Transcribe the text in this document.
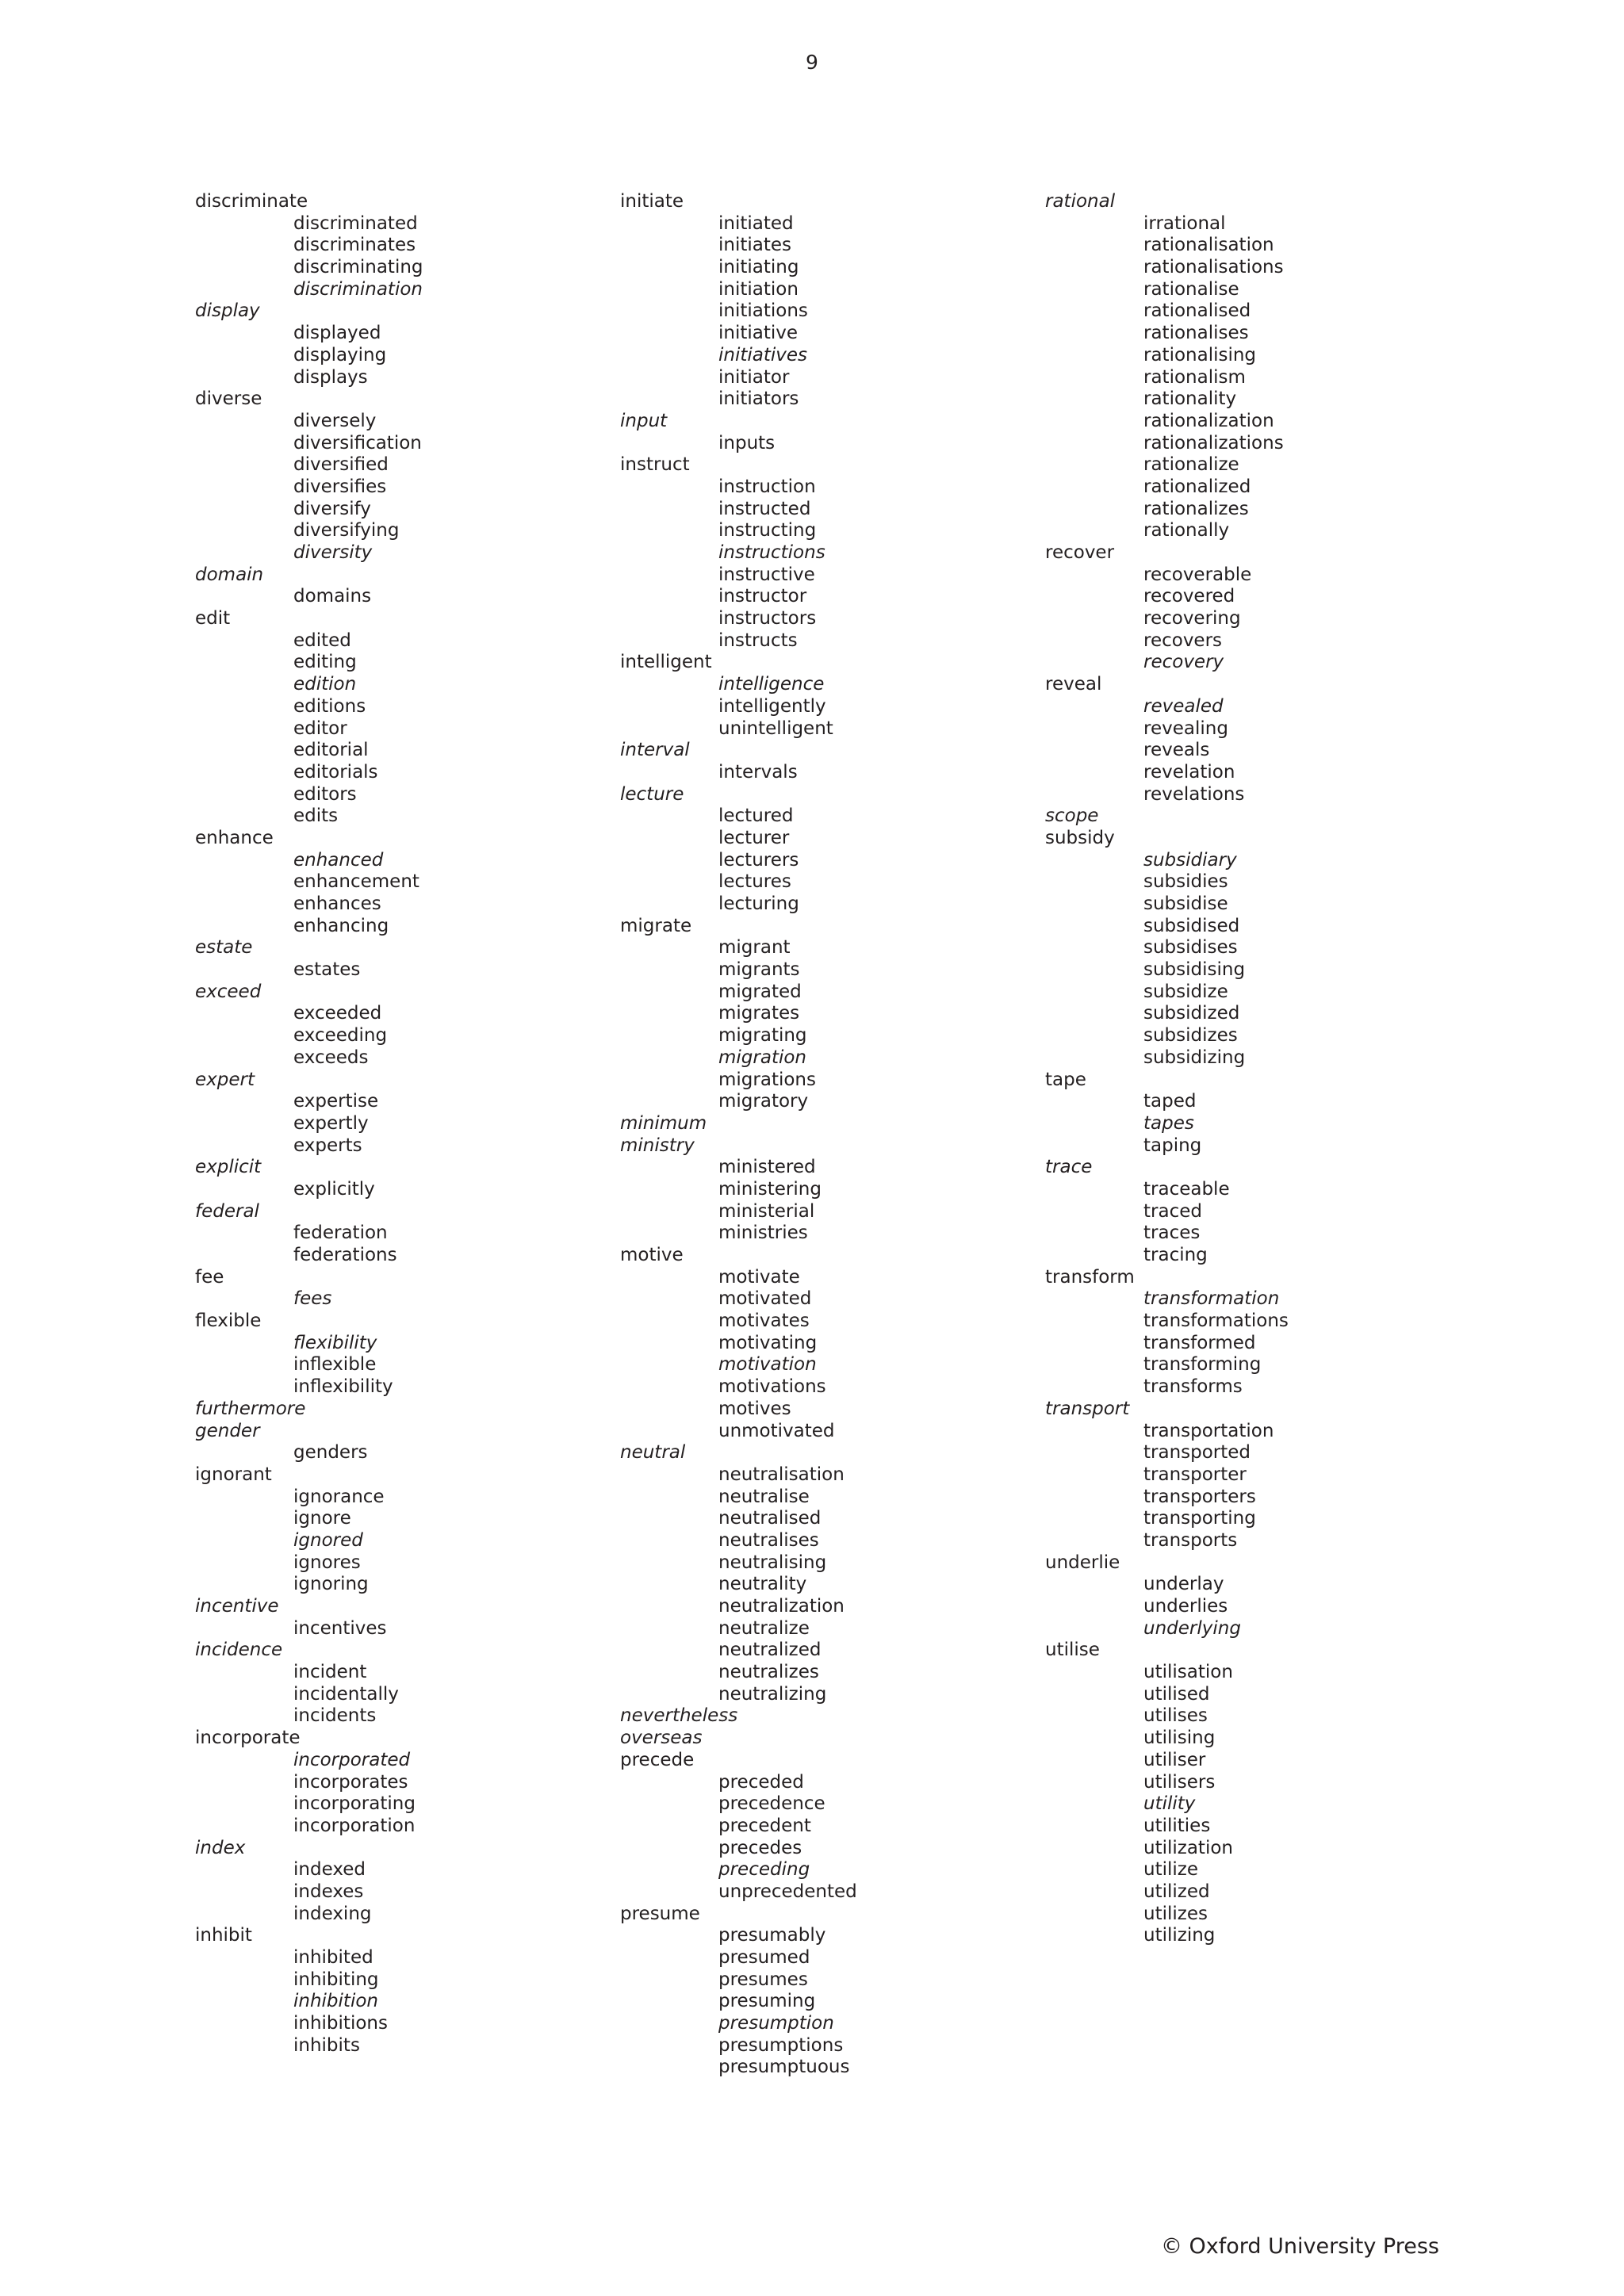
9
discriminate
discriminated
discriminates
discriminating
discrimination
display
displayed
displaying
displays
diverse
diversely
diversification
diversified
diversifies
diversify
diversifying
diversity
domain
domains
edit
edited
editing
edition
editions
editor
editorial
editorials
editors
edits
enhance
enhanced
enhancement
enhances
enhancing
estate
estates
exceed
exceeded
exceeding
exceeds
expert
expertise
expertly
experts
explicit
explicitly
federal
federation
federations
fee
fees
flexible
flexibility
inflexible
inflexibility
furthermore
gender
genders
ignorant
ignorance
ignore
ignored
ignores
ignoring
incentive
incentives
incidence
incident
incidentally
incidents
incorporate
incorporated
incorporates
incorporating
incorporation
index
indexed
indexes
indexing
inhibit
inhibited
inhibiting
inhibition
inhibitions
inhibits
initiate
initiated
initiates
initiating
initiation
initiations
initiative
initiatives
initiator
initiators
input
inputs
instruct
instruction
instructed
instructing
instructions
instructive
instructor
instructors
instructs
intelligent
intelligence
intelligently
unintelligent
interval
intervals
lecture
lectured
lecturer
lecturers
lectures
lecturing
migrate
migrant
migrants
migrated
migrates
migrating
migration
migrations
migratory
minimum
ministry
ministered
ministering
ministerial
ministries
motive
motivate
motivated
motivates
motivating
motivation
motivations
motives
unmotivated
neutral
neutralisation
neutralise
neutralised
neutralises
neutralising
neutrality
neutralization
neutralize
neutralized
neutralizes
neutralizing
nevertheless
overseas
precede
preceded
precedence
precedent
precedes
preceding
unprecedented
presume
presumably
presumed
presumes
presuming
presumption
presumptions
presumptuous
rational
irrational
rationalisation
rationalisations
rationalise
rationalised
rationalises
rationalising
rationalism
rationality
rationalization
rationalizations
rationalize
rationalized
rationalizes
rationally
recover
recoverable
recovered
recovering
recovers
recovery
reveal
revealed
revealing
reveals
revelation
revelations
scope
subsidy
subsidiary
subsidies
subsidise
subsidised
subsidises
subsidising
subsidize
subsidized
subsidizes
subsidizing
tape
taped
tapes
taping
trace
traceable
traced
traces
tracing
transform
transformation
transformations
transformed
transforming
transforms
transport
transportation
transported
transporter
transporters
transporting
transports
underlie
underlay
underlies
underlying
utilise
utilisation
utilised
utilises
utilising
utiliser
utilisers
utility
utilities
utilization
utilize
utilized
utilizes
utilizing
© Oxford University Press
